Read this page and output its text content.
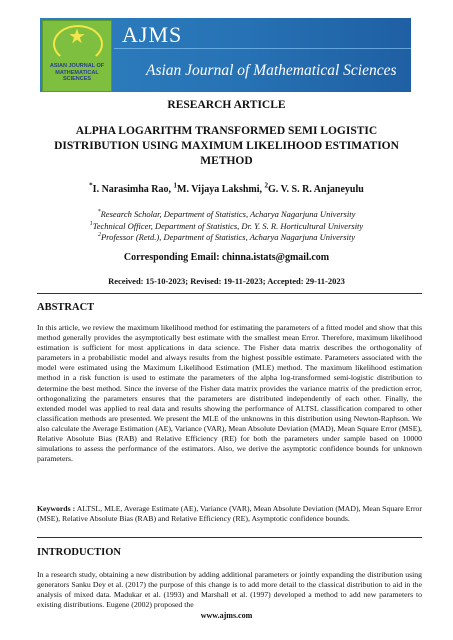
★
ASIAN JOURNAL OF MATHEMATICAL SCIENCES
AJMS
Asian Journal of Mathematical Sciences
RESEARCH ARTICLE
ALPHA LOGARITHM TRANSFORMED SEMI LOGISTIC DISTRIBUTION USING MAXIMUM LIKELIHOOD ESTIMATION METHOD
*I. Narasimha Rao, $^1$M. Vijaya Lakshmi, $^2$G. V. S. R. Anjaneyulu
*Research Scholar, Department of Statistics, Acharya Nagarjuna University
$^1$Technical Officer, Department of Statistics, Dr. Y. S. R. Horticultural University
$^2$Professor (Retd.), Department of Statistics, Acharya Nagarjuna University
Corresponding Email: chinna.istats@gmail.com
Received: 15-10-2023; Revised: 19-11-2023; Accepted: 29-11-2023
ABSTRACT

In this article, we review the maximum likelihood method for estimating the parameters of a fitted model and show that this method generally provides the asymptotically best estimate with the smallest mean Error. Therefore, maximum likelihood estimation is sufficient for most applications in data science. The Fisher data matrix describes the orthogonality of parameters in a probabilistic model and always results from the highest possible estimate. Parameters associated with the model were estimated using the Maximum Likelihood Estimation (MLE) method. The maximum likelihood estimation method in a risk function is used to estimate the parameters of the alpha log-transformed semi-logistic distribution to determine the best method. Since the inverse of the Fisher data matrix provides the variance matrix of the prediction error, orthogonalizing the parameters ensures that the parameters are distributed independently of each other. Finally, the extended model was applied to real data and results showing the performance of ALTSL classification compared to other classification methods are presented. We present the MLE of the unknowns in this distribution using Newton-Raphson. We also calculate the Average Estimation (AE), Variance (VAR), Mean Absolute Deviation (MAD), Mean Square Error (MSE), Relative Absolute Bias (RAB) and Relative Efficiency (RE) for both the parameters under sample based on 10000 simulations to assess the performance of the estimators. Also, we derive the asymptotic confidence bounds for unknown parameters.

Keywords : ALTSL, MLE, Average Estimate (AE), Variance (VAR), Mean Absolute Deviation (MAD), Mean Square Error (MSE), Relative Absolute Bias (RAB) and Relative Efficiency (RE), Asymptotic confidence bounds.

INTRODUCTION

In a research study, obtaining a new distribution by adding additional parameters or jointly expanding the distribution using generators Sanku Dey et al. (2017) the purpose of this change is to add more detail to the classical distribution to aid in the analysis of mixed data. Madukar et al. (1993) and Marshall et al. (1997) developed a method to add new parameters to existing distributions. Eugene (2002) proposed the

www.ajms.com
